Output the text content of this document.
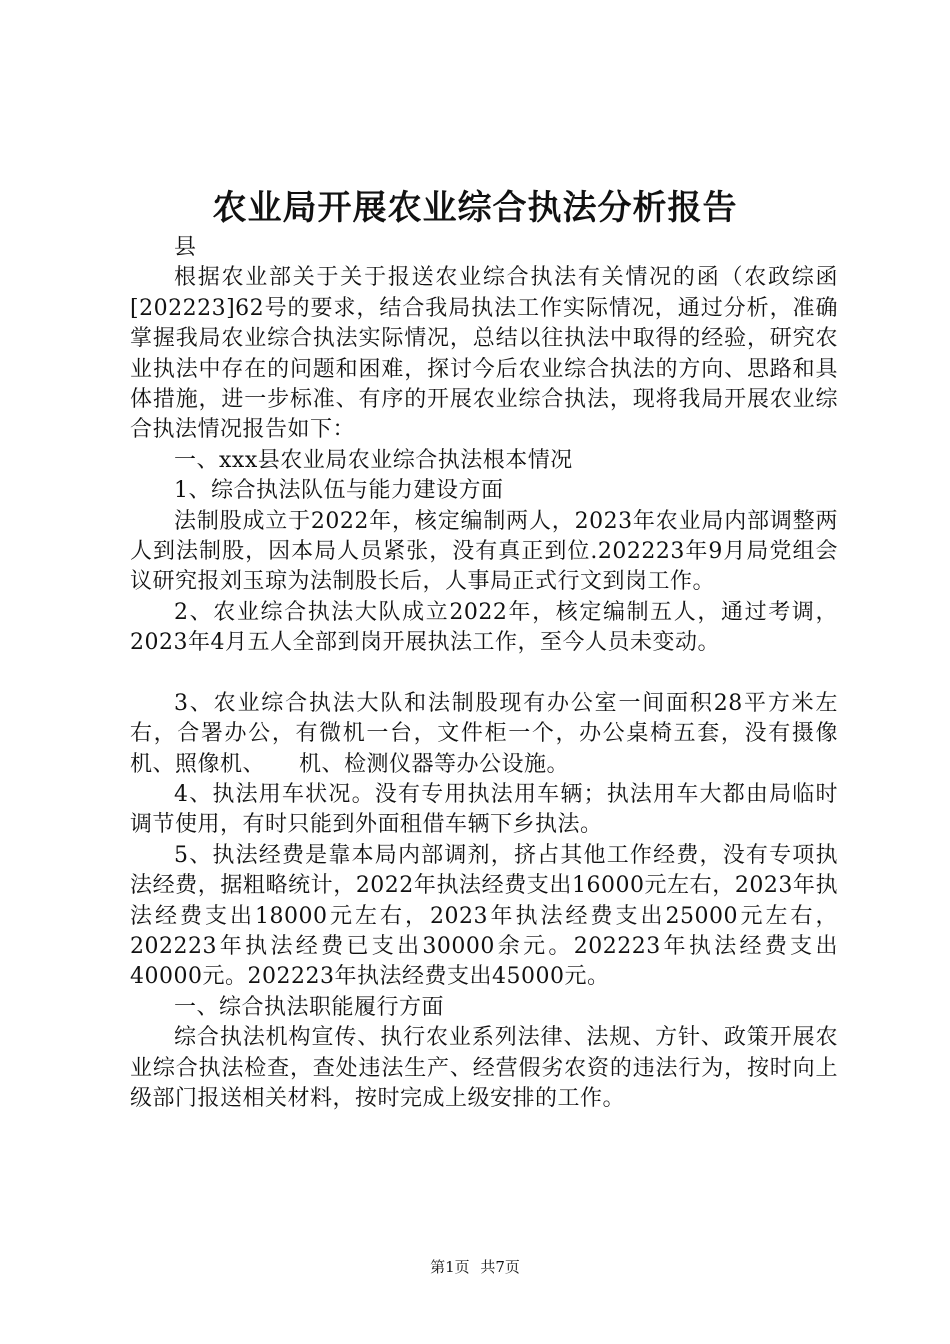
农业局开展农业综合执法分析报告

县

根据农业部关于关于报送农业综合执法有关情况的函（农政综函[202223]62号的要求，结合我局执法工作实际情况，通过分析，准确掌握我局农业综合执法实际情况，总结以往执法中取得的经验，研究农业执法中存在的问题和困难，探讨今后农业综合执法的方向、思路和具体措施，进一步标准、有序的开展农业综合执法，现将我局开展农业综合执法情况报告如下：

一、xxx县农业局农业综合执法根本情况

1、综合执法队伍与能力建设方面

法制股成立于2022年，核定编制两人，2023年农业局内部调整两人到法制股，因本局人员紧张，没有真正到位.202223年9月局党组会议研究报刘玉琼为法制股长后，人事局正式行文到岗工作。

2、农业综合执法大队成立2022年，核定编制五人，通过考调，2023年4月五人全部到岗开展执法工作，至今人员未变动。

3、农业综合执法大队和法制股现有办公室一间面积28平方米左右，合署办公，有微机一台，文件柜一个，办公桌椅五套，没有摄像机、照像机、　　机、检测仪器等办公设施。

4、执法用车状况。没有专用执法用车辆；执法用车大都由局临时调节使用，有时只能到外面租借车辆下乡执法。

5、执法经费是靠本局内部调剂，挤占其他工作经费，没有专项执法经费，据粗略统计，2022年执法经费支出16000元左右，2023年执法经费支出18000元左右，2023年执法经费支出25000元左右，202223年执法经费已支出30000余元。202223年执法经费支出40000元。202223年执法经费支出45000元。

一、综合执法职能履行方面

综合执法机构宣传、执行农业系列法律、法规、方针、政策开展农业综合执法检查，查处违法生产、经营假劣农资的违法行为，按时向上级部门报送相关材料，按时完成上级安排的工作。

第1页 共7页
